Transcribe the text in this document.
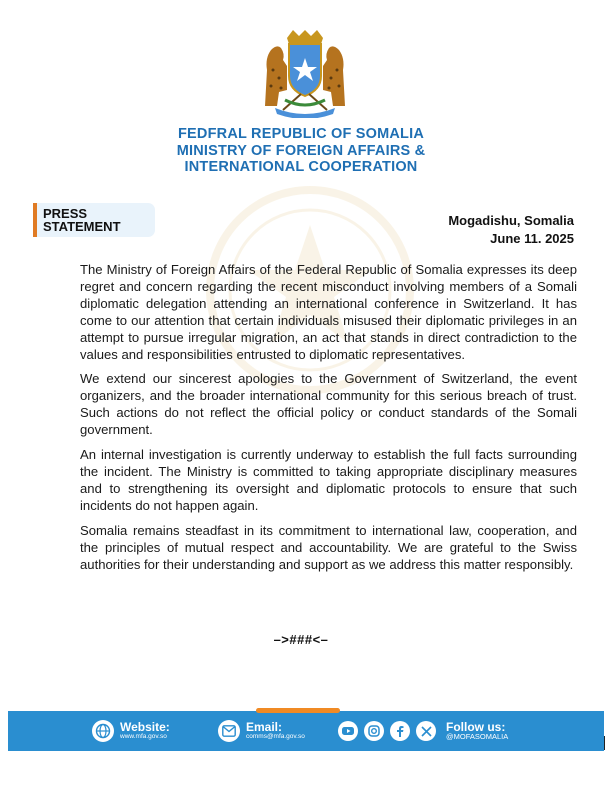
FEDFRAL REPUBLIC OF SOMALIA
MINISTRY OF FOREIGN AFFAIRS &
INTERNATIONAL COOPERATION
PRESS
STATEMENT	Mogadishu, Somalia
June 11. 2025

The Ministry of Foreign Affairs of the Federal Republic of Somalia expresses its deep regret and concern regarding the recent misconduct involving members of a Somali diplomatic delegation attending an international conference in Switzerland. It has come to our attention that certain individuals misused their diplomatic privileges in an attempt to pursue irregular migration, an act that stands in direct contradiction to the values and responsibilities entrusted to diplomatic representatives.

We extend our sincerest apologies to the Government of Switzerland, the event organizers, and the broader international community for this serious breach of trust. Such actions do not reflect the official policy or conduct standards of the Somali government.

An internal investigation is currently underway to establish the full facts surrounding the incident. The Ministry is committed to taking appropriate disciplinary measures and to strengthening its oversight and diplomatic protocols to ensure that such incidents do not happen again.

Somalia remains steadfast in its commitment to international law, cooperation, and the principles of mutual respect and accountability. We are grateful to the Swiss authorities for their understanding and support as we address this matter responsibly.

–>###<–
Website:
www.mfa.gov.so
Email:
comms@mfa.gov.so
Follow us:
@MOFASOMALIA
